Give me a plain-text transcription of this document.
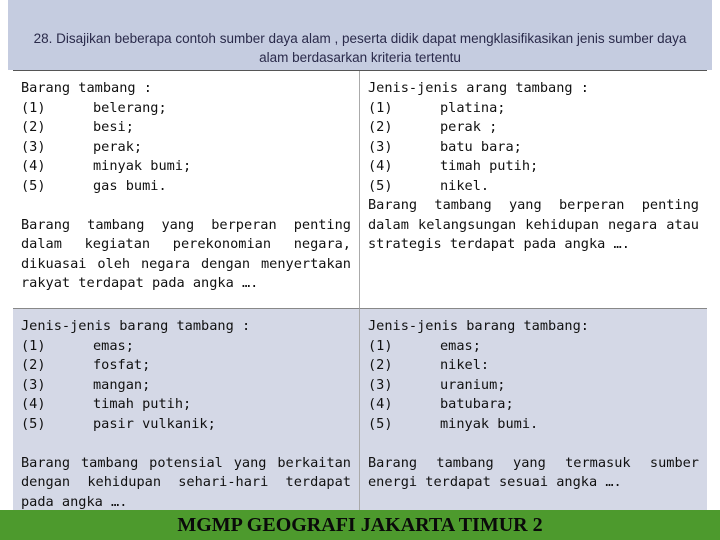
28. Disajikan beberapa contoh sumber daya alam , peserta didik dapat mengklasifikasikan jenis sumber daya alam berdasarkan kriteria tertentu
Barang tambang :
(1)	belerang;
(2)	besi;
(3)	perak;
(4)	minyak bumi;
(5)	gas bumi.
Barang tambang yang berperan penting dalam kegiatan perekonomian negara, dikuasai oleh negara dengan menyertakan rakyat terdapat pada angka ….
Jenis-jenis arang tambang :
(1)	platina;
(2)	perak ;
(3)	batu bara;
(4)	timah putih;
(5)	nikel.
Barang tambang yang berperan penting dalam kelangsungan kehidupan negara atau strategis terdapat pada angka ….
Jenis-jenis barang tambang :
(1)	emas;
(2)	fosfat;
(3)	mangan;
(4)	timah putih;
(5)	pasir vulkanik;
Barang tambang potensial yang berkaitan dengan kehidupan sehari-hari terdapat pada angka ….
Jenis-jenis barang tambang:
(1)	emas;
(2)	nikel:
(3)	uranium;
(4)	batubara;
(5)	minyak bumi.
Barang tambang yang termasuk sumber energi terdapat sesuai angka ….
MGMP GEOGRAFI JAKARTA TIMUR 2
